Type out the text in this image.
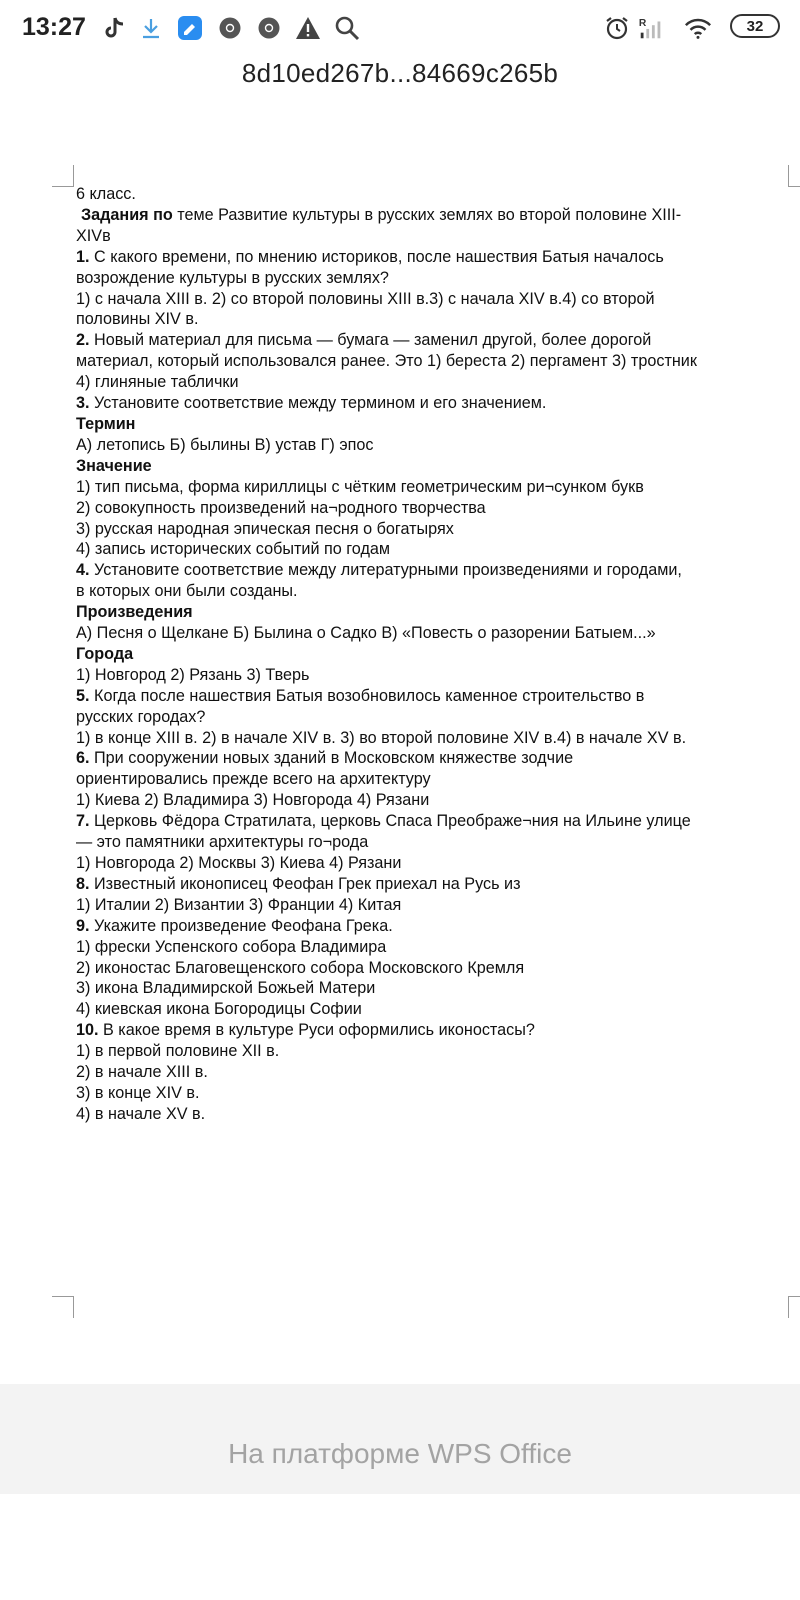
13:27	R	32
8d10ed267b...84669c265b
6 класс.
Задания по теме Развитие культуры в русских землях во второй половине XIII-
XIVв
1. С какого времени, по мнению историков, после нашествия Батыя началось
возрождение культуры в русских землях?
1) с начала XIII в. 2) со второй половины XIII в.3) с начала XIV в.4) со второй
половины XIV в.
2. Новый материал для письма — бумага — заменил другой, более дорогой
материал, который использовался ранее. Это 1) береста 2) пергамент 3) тростник
4) глиняные таблички
3. Установите соответствие между термином и его значением.
Термин
А) летопись Б) былины В) устав Г) эпос
Значение
1) тип письма, форма кириллицы с чётким геометрическим ри¬сунком букв
2) совокупность произведений на¬родного творчества
3) русская народная эпическая песня о богатырях
4) запись исторических событий по годам
4. Установите соответствие между литературными произведениями и городами,
в которых они были созданы.
Произведения
А) Песня о Щелкане Б) Былина о Садко В) «Повесть о разорении Батыем...»
Города
1) Новгород 2) Рязань 3) Тверь
5. Когда после нашествия Батыя возобновилось каменное строительство в
русских городах?
1) в конце XIII в. 2) в начале XIV в. 3) во второй половине XIV в.4) в начале XV в.
6. При сооружении новых зданий в Московском княжестве зодчие
ориентировались прежде всего на архитектуру
1) Киева 2) Владимира 3) Новгорода 4) Рязани
7. Церковь Фёдора Стратилата, церковь Спаса Преображе¬ния на Ильине улице
— это памятники архитектуры го¬рода
1) Новгорода 2) Москвы 3) Киева 4) Рязани
8. Известный иконописец Феофан Грек приехал на Русь из
1) Италии 2) Византии 3) Франции 4) Китая
9. Укажите произведение Феофана Грека.
1) фрески Успенского собора Владимира
2) иконостас Благовещенского собора Московского Кремля
3) икона Владимирской Божьей Матери
4) киевская икона Богородицы Софии
10. В какое время в культуре Руси оформились иконостасы?
1) в первой половине XII в.
2) в начале XIII в.
3) в конце XIV в.
4) в начале XV в.
На платформе WPS Office
